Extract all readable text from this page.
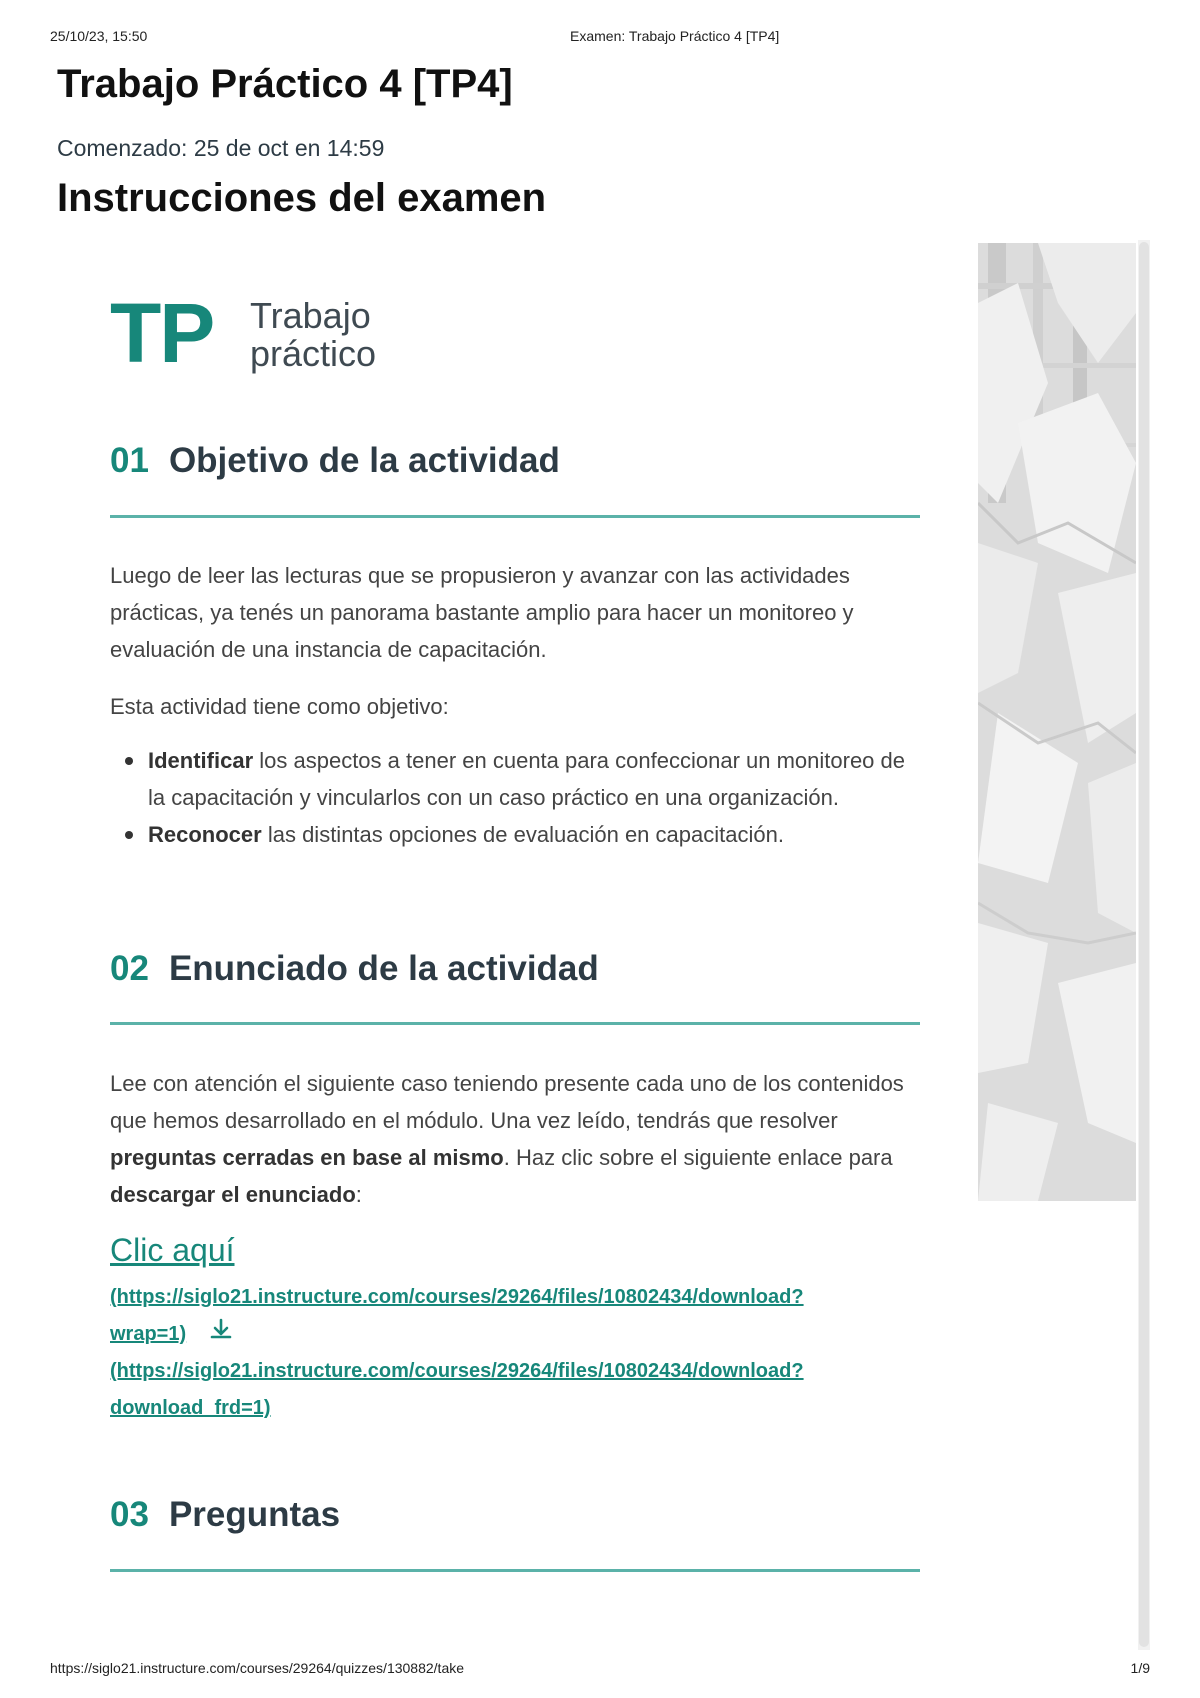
25/10/23, 15:50	Examen: Trabajo Práctico 4 [TP4]
Trabajo Práctico 4 [TP4]
Comenzado: 25 de oct en 14:59
Instrucciones del examen
TP Trabajo
práctico
01 Objetivo de la actividad

Luego de leer las lecturas que se propusieron y avanzar con las actividades prácticas, ya tenés un panorama bastante amplio para hacer un monitoreo y evaluación de una instancia de capacitación.

Esta actividad tiene como objetivo:

Identificar los aspectos a tener en cuenta para confeccionar un monitoreo de la capacitación y vincularlos con un caso práctico en una organización.
Reconocer las distintas opciones de evaluación en capacitación.
02 Enunciado de la actividad

Lee con atención el siguiente caso teniendo presente cada uno de los contenidos que hemos desarrollado en el módulo. Una vez leído, tendrás que resolver preguntas cerradas en base al mismo. Haz clic sobre el siguiente enlace para descargar el enunciado:

Clic aquí
(https://siglo21.instructure.com/courses/29264/files/10802434/download?
wrap=1)
(https://siglo21.instructure.com/courses/29264/files/10802434/download?
download_frd=1)
03 Preguntas
https://siglo21.instructure.com/courses/29264/quizzes/130882/take	1/9
